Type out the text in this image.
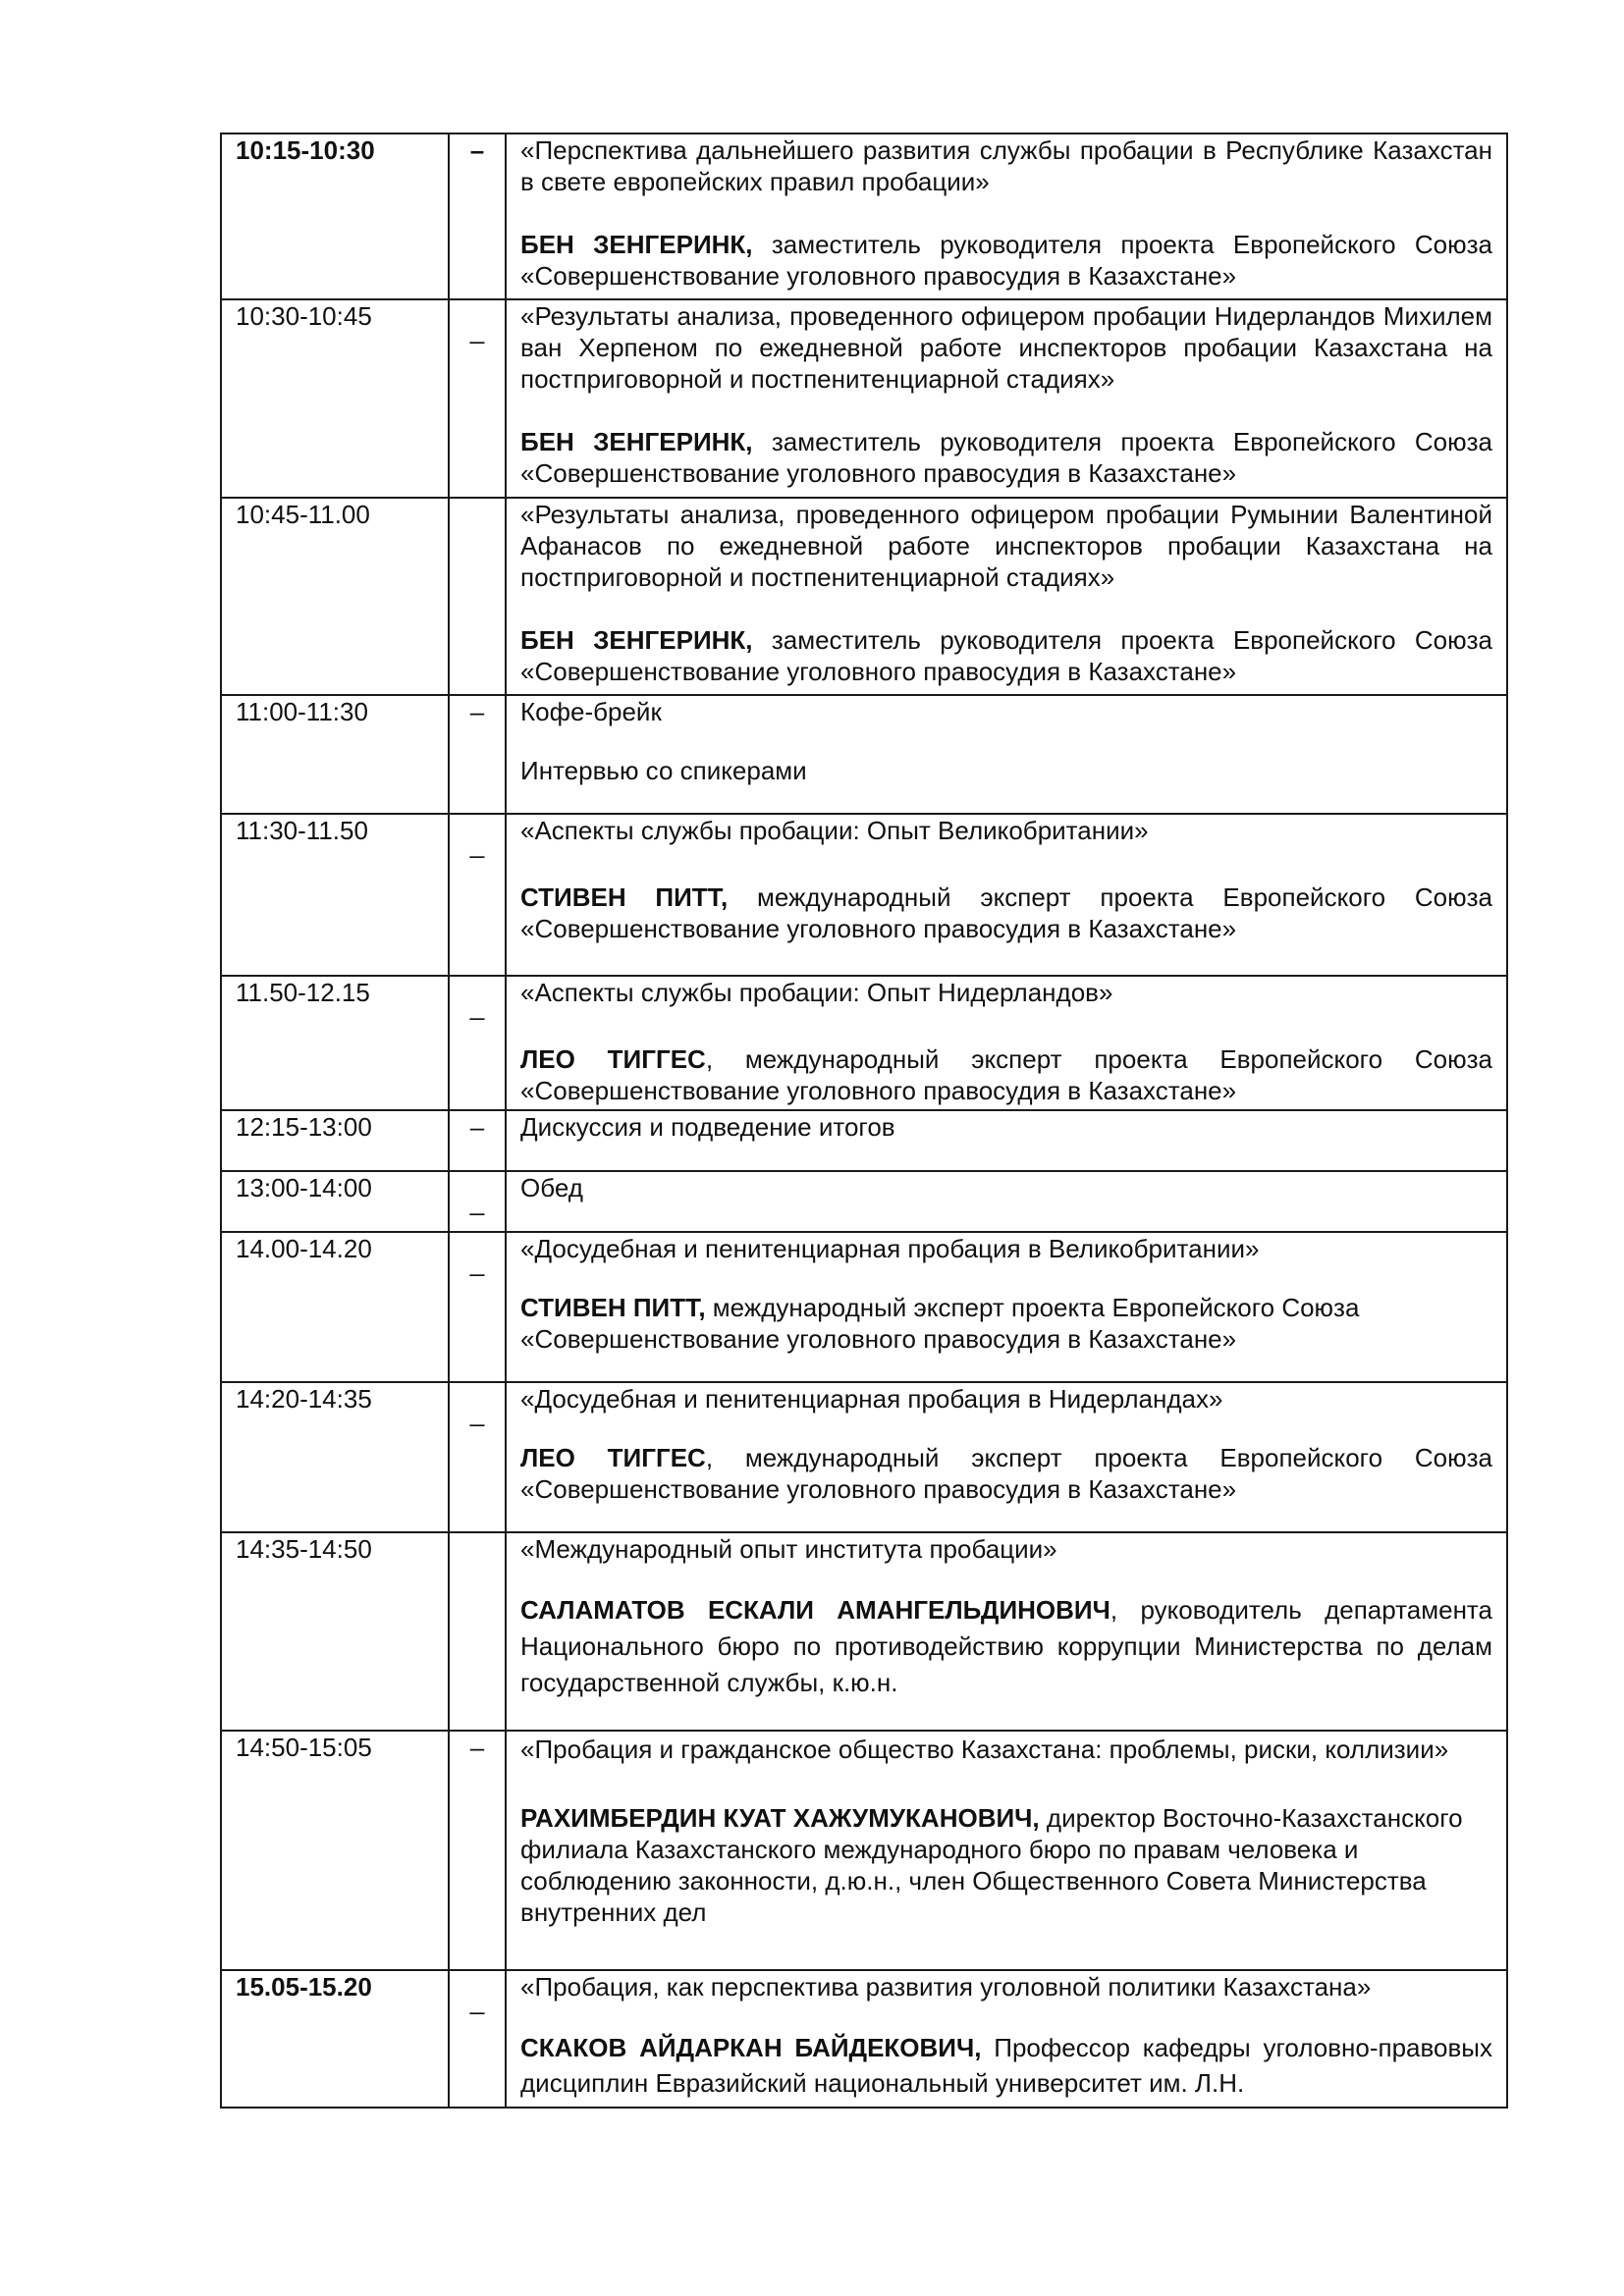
10:15-10:30	–	«Перспектива дальнейшего развития службы пробации в Республике Казахстан в свете европейских правил пробации»
БЕН ЗЕНГЕРИНК, заместитель руководителя проекта Европейского Союза «Совершенствование уголовного правосудия в Казахстане»

10:30-10:45	_	«Результаты анализа, проведенного офицером пробации Нидерландов Михилем ван Херпеном по ежедневной работе инспекторов пробации Казахстана на постприговорной и постпенитенциарной стадиях»
БЕН ЗЕНГЕРИНК, заместитель руководителя проекта Европейского Союза «Совершенствование уголовного правосудия в Казахстане»

10:45-11.00		«Результаты анализа, проведенного офицером пробации Румынии Валентиной Афанасов по ежедневной работе инспекторов пробации Казахстана на постприговорной и постпенитенциарной стадиях»
БЕН ЗЕНГЕРИНК, заместитель руководителя проекта Европейского Союза «Совершенствование уголовного правосудия в Казахстане»

11:00-11:30	–	Кофе-брейк
Интервью со спикерами

11:30-11.50	_	«Аспекты службы пробации: Опыт Великобритании»
СТИВЕН ПИТТ, международный эксперт проекта Европейского Союза «Совершенствование уголовного правосудия в Казахстане»

11.50-12.15	_	«Аспекты службы пробации: Опыт Нидерландов»
ЛЕО ТИГГЕС, международный эксперт проекта Европейского Союза «Совершенствование уголовного правосудия в Казахстане»

12:15-13:00	–	Дискуссия и подведение итогов

13:00-14:00	_	Обед

14.00-14.20	_	«Досудебная и пенитенциарная пробация в Великобритании»
СТИВЕН ПИТТ, международный эксперт проекта Европейского Союза «Совершенствование уголовного правосудия в Казахстане»

14:20-14:35	_	«Досудебная и пенитенциарная пробация в Нидерландах»
ЛЕО ТИГГЕС, международный эксперт проекта Европейского Союза «Совершенствование уголовного правосудия в Казахстане»

14:35-14:50		«Международный опыт института пробации»
САЛАМАТОВ ЕСКАЛИ АМАНГЕЛЬДИНОВИЧ, руководитель департамента Национального бюро по противодействию коррупции Министерства по делам государственной службы, к.ю.н.

14:50-15:05	–	«Пробация и гражданское общество Казахстана: проблемы, риски, коллизии»
РАХИМБЕРДИН КУАТ ХАЖУМУКАНОВИЧ, директор Восточно-Казахстанского филиала Казахстанского международного бюро по правам человека и соблюдению законности, д.ю.н., член Общественного Совета Министерства внутренних дел

15.05-15.20	_	«Пробация, как перспектива развития уголовной политики Казахстана»
СКАКОВ АЙДАРКАН БАЙДЕКОВИЧ, Профессор кафедры уголовно-правовых дисциплин Евразийский национальный университет им. Л.Н.
